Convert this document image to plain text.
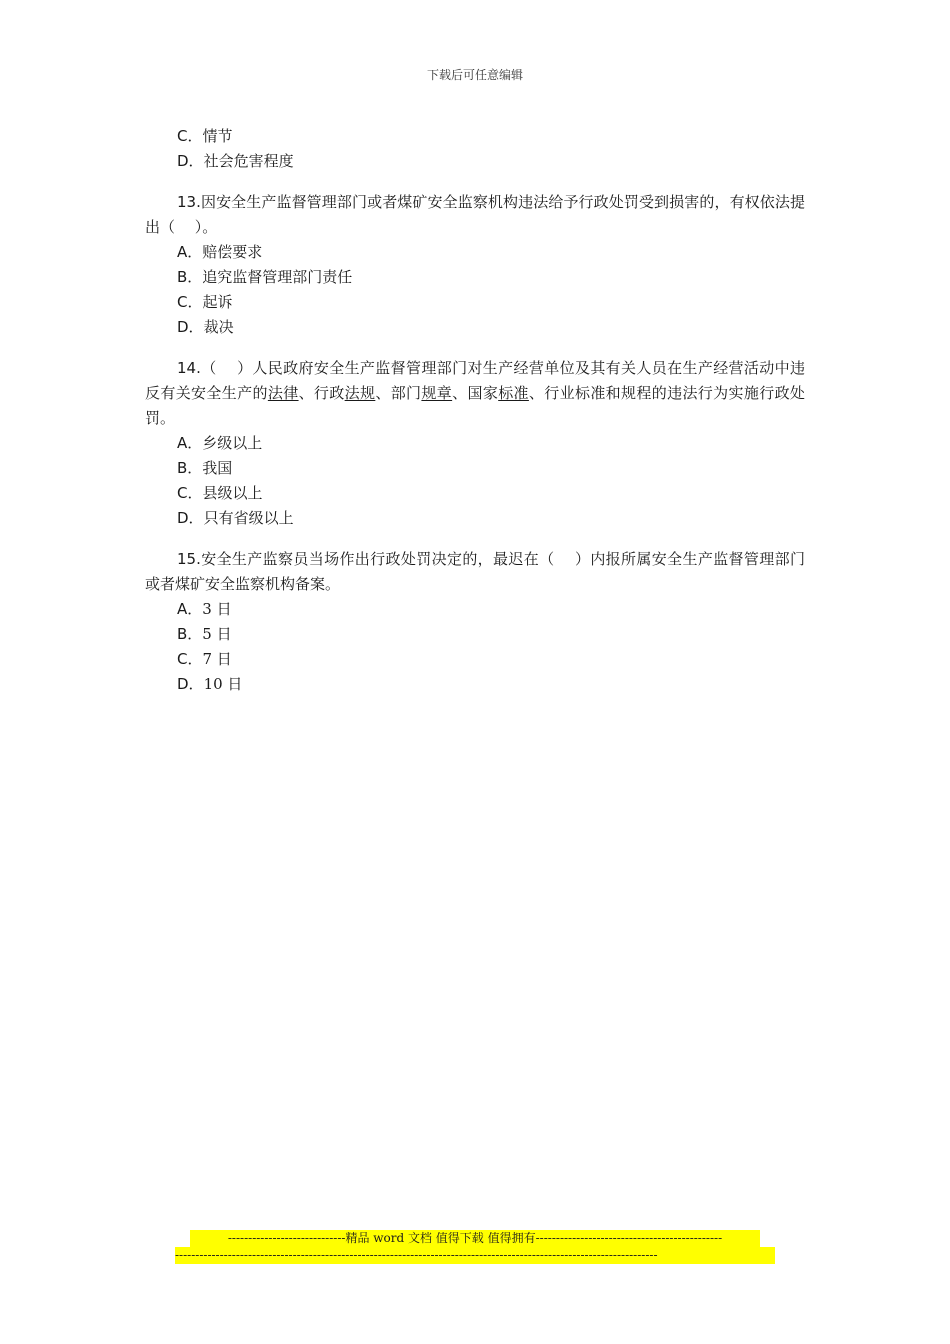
下载后可任意编辑
C．情节
D．社会危害程度
13.因安全生产监督管理部门或者煤矿安全监察机构违法给予行政处罚受到损害的，有权依法提出（　 ）。
A．赔偿要求
B．追究监督管理部门责任
C．起诉
D．裁决
14.（　 ）人民政府安全生产监督管理部门对生产经营单位及其有关人员在生产经营活动中违反有关安全生产的法律、行政法规、部门规章、国家标准、行业标准和规程的违法行为实施行政处罚。
A．乡级以上
B．我国
C．县级以上
D．只有省级以上
15.安全生产监察员当场作出行政处罚决定的，最迟在（　 ）内报所属安全生产监督管理部门或者煤矿安全监察机构备案。
A．3 日
B．5 日
C．7 日
D．10 日
-----------------------------精品 word 文档 值得下载 值得拥有----------------------------------------------
-----------------------------------------------------------------------------------------------------------------------
